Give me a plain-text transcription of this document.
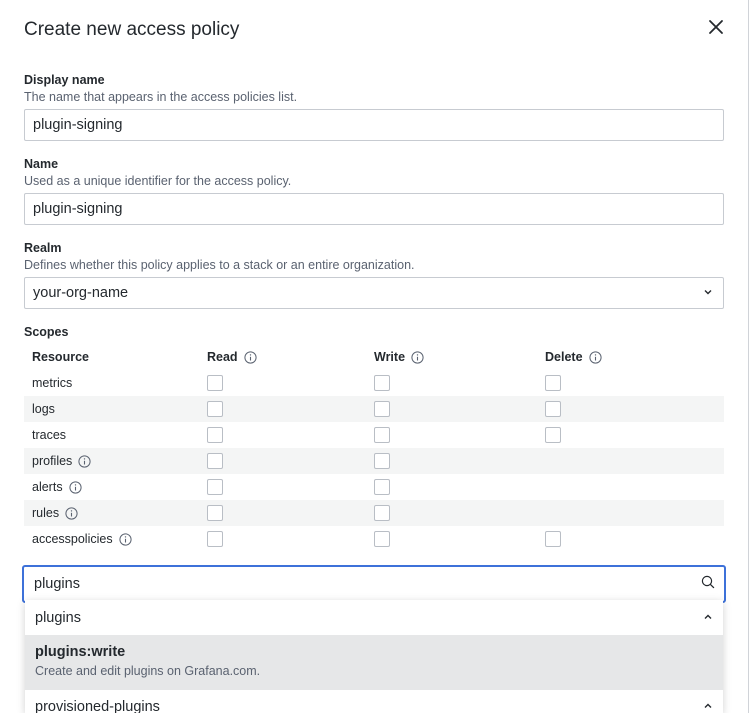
Create new access policy
Display name
The name that appears in the access policies list.
plugin-signing
Name
Used as a unique identifier for the access policy.
plugin-signing
Realm
Defines whether this policy applies to a stack or an entire organization.
your-org-name
Scopes
Resource	Read	Write	Delete
metrics
logs
traces
profiles
alerts
rules
accesspolicies
plugins
plugins
plugins:write
Create and edit plugins on Grafana.com.
provisioned-plugins
